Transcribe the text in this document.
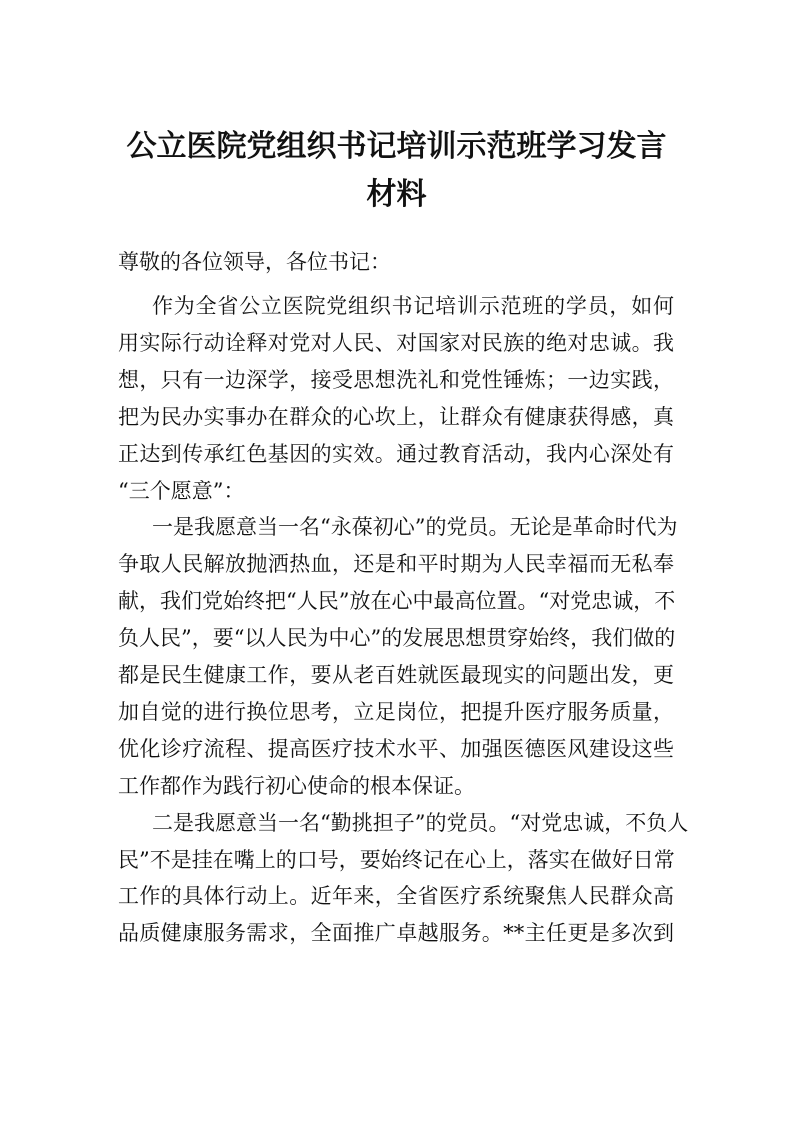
公立医院党组织书记培训示范班学习发言
材料

尊敬的各位领导，各位书记：

作为全省公立医院党组织书记培训示范班的学员，如何

用实际行动诠释对党对人民、对国家对民族的绝对忠诚。我

想，只有一边深学，接受思想洗礼和党性锤炼；一边实践，

把为民办实事办在群众的心坎上，让群众有健康获得感，真

正达到传承红色基因的实效。通过教育活动，我内心深处有

“三个愿意”：

一是我愿意当一名“永葆初心”的党员。无论是革命时代为

争取人民解放抛洒热血，还是和平时期为人民幸福而无私奉

献，我们党始终把“人民”放在心中最高位置。“对党忠诚，不

负人民”，要“以人民为中心”的发展思想贯穿始终，我们做的

都是民生健康工作，要从老百姓就医最现实的问题出发，更

加自觉的进行换位思考，立足岗位，把提升医疗服务质量，

优化诊疗流程、提高医疗技术水平、加强医德医风建设这些

工作都作为践行初心使命的根本保证。

二是我愿意当一名“勤挑担子”的党员。“对党忠诚，不负人

民”不是挂在嘴上的口号，要始终记在心上，落实在做好日常

工作的具体行动上。近年来，全省医疗系统聚焦人民群众高

品质健康服务需求，全面推广卓越服务。**主任更是多次到
